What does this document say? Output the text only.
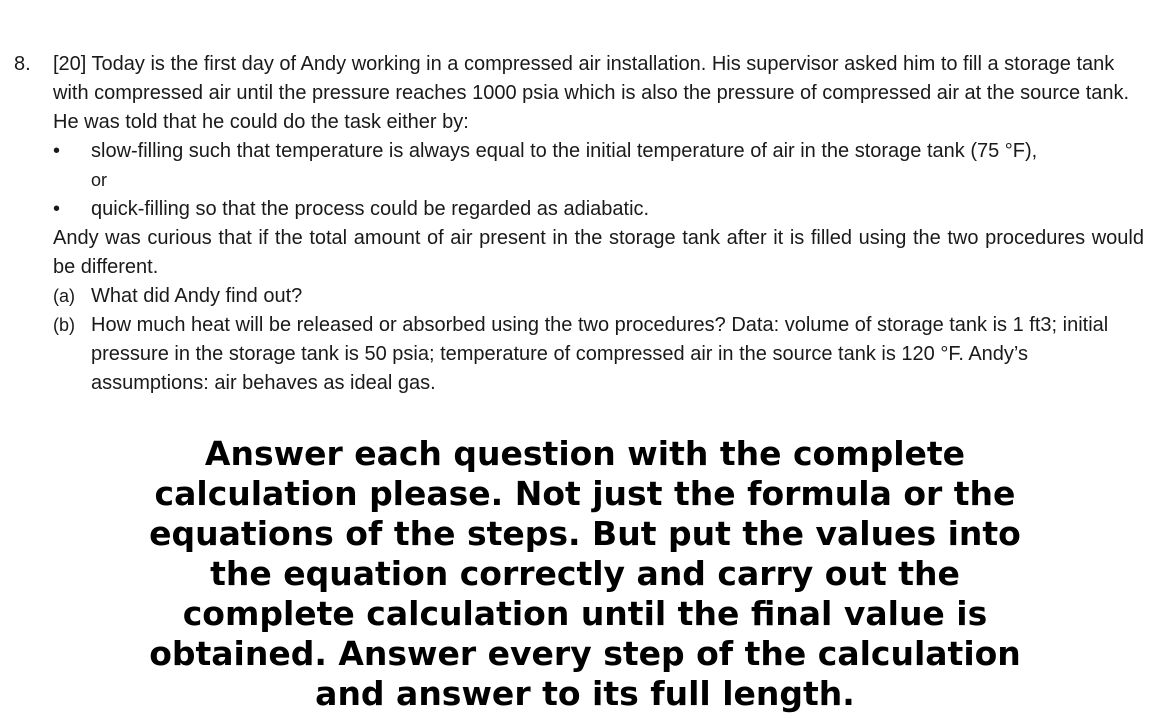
8.	[20] Today is the first day of Andy working in a compressed air installation. His supervisor asked him to fill a storage tank with compressed air until the pressure reaches 1000 psia which is also the pressure of compressed air at the source tank. He was told that he could do the task either by:
•	slow-filling such that temperature is always equal to the initial temperature of air in the storage tank (75 °F),
or
•	quick-filling so that the process could be regarded as adiabatic.
Andy was curious that if the total amount of air present in the storage tank after it is filled using the two procedures would be different.
(a) What did Andy find out?
(b) How much heat will be released or absorbed using the two procedures? Data: volume of storage tank is 1 ft3; initial pressure in the storage tank is 50 psia; temperature of compressed air in the source tank is 120 °F. Andy’s assumptions: air behaves as ideal gas.
Answer each question with the complete calculation please. Not just the formula or the equations of the steps. But put the values into the equation correctly and carry out the complete calculation until the final value is obtained. Answer every step of the calculation and answer to its full length.
